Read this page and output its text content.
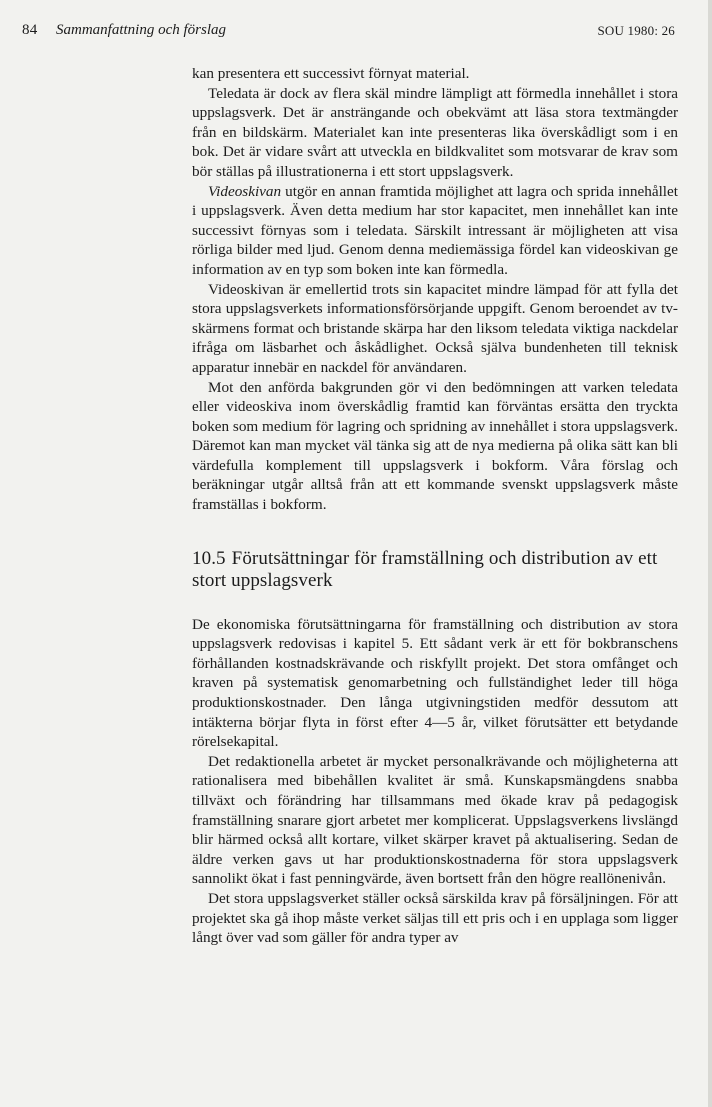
84 Sammanfattning och förslag	SOU 1980: 26

kan presentera ett successivt förnyat material.

Teledata är dock av flera skäl mindre lämpligt att förmedla innehållet i stora uppslagsverk. Det är ansträngande och obekvämt att läsa stora textmängder från en bildskärm. Materialet kan inte presenteras lika överskådligt som i en bok. Det är vidare svårt att utveckla en bildkvalitet som motsvarar de krav som bör ställas på illustrationerna i ett stort uppslagsverk.

Videoskivan utgör en annan framtida möjlighet att lagra och sprida innehållet i uppslagsverk. Även detta medium har stor kapacitet, men innehållet kan inte successivt förnyas som i teledata. Särskilt intressant är möjligheten att visa rörliga bilder med ljud. Genom denna mediemässiga fördel kan videoskivan ge information av en typ som boken inte kan förmedla.

Videoskivan är emellertid trots sin kapacitet mindre lämpad för att fylla det stora uppslagsverkets informationsförsörjande uppgift. Genom beroendet av tv-skärmens format och bristande skärpa har den liksom teledata viktiga nackdelar ifråga om läsbarhet och åskådlighet. Också själva bundenheten till teknisk apparatur innebär en nackdel för användaren.

Mot den anförda bakgrunden gör vi den bedömningen att varken teledata eller videoskiva inom överskådlig framtid kan förväntas ersätta den tryckta boken som medium för lagring och spridning av innehållet i stora uppslagsverk. Däremot kan man mycket väl tänka sig att de nya medierna på olika sätt kan bli värdefulla komplement till uppslagsverk i bokform. Våra förslag och beräkningar utgår alltså från att ett kommande svenskt uppslagsverk måste framställas i bokform.

10.5 Förutsättningar för framställning och distribution av ett stort uppslagsverk

De ekonomiska förutsättningarna för framställning och distribution av stora uppslagsverk redovisas i kapitel 5. Ett sådant verk är ett för bokbranschens förhållanden kostnadskrävande och riskfyllt projekt. Det stora omfånget och kraven på systematisk genomarbetning och fullständighet leder till höga produktionskostnader. Den långa utgivningstiden medför dessutom att intäkterna börjar flyta in först efter 4—5 år, vilket förutsätter ett betydande rörelsekapital.

Det redaktionella arbetet är mycket personalkrävande och möjligheterna att rationalisera med bibehållen kvalitet är små. Kunskapsmängdens snabba tillväxt och förändring har tillsammans med ökade krav på pedagogisk framställning snarare gjort arbetet mer komplicerat. Uppslagsverkens livslängd blir härmed också allt kortare, vilket skärper kravet på aktualisering. Sedan de äldre verken gavs ut har produktionskostnaderna för stora uppslagsverk sannolikt ökat i fast penningvärde, även bortsett från den högre reallönenivån.

Det stora uppslagsverket ställer också särskilda krav på försäljningen. För att projektet ska gå ihop måste verket säljas till ett pris och i en upplaga som ligger långt över vad som gäller för andra typer av
